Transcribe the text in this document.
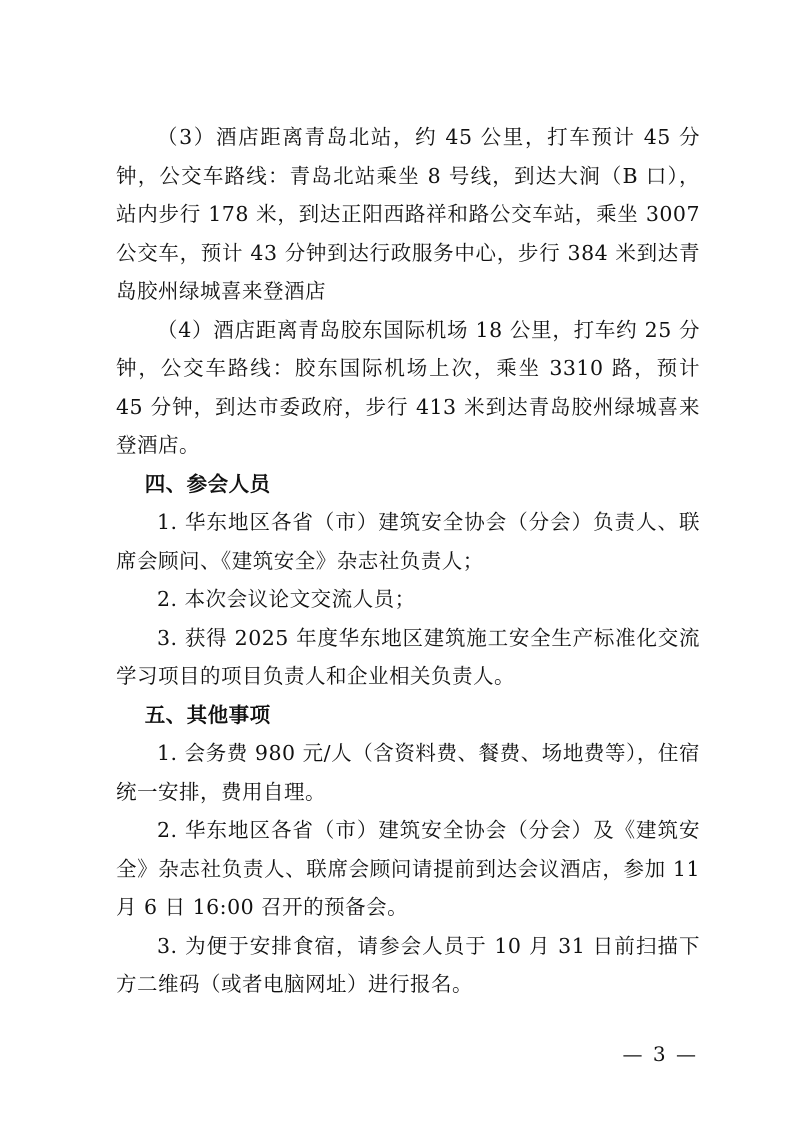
（3）酒店距离青岛北站，约 45 公里，打车预计 45 分钟，公交车路线：青岛北站乘坐 8 号线，到达大涧（B 口），站内步行 178 米，到达正阳西路祥和路公交车站，乘坐 3007 公交车，预计 43 分钟到达行政服务中心，步行 384 米到达青岛胶州绿城喜来登酒店

（4）酒店距离青岛胶东国际机场 18 公里，打车约 25 分钟，公交车路线：胶东国际机场上次，乘坐 3310 路，预计 45 分钟，到达市委政府，步行 413 米到达青岛胶州绿城喜来登酒店。

四、参会人员

1. 华东地区各省（市）建筑安全协会（分会）负责人、联席会顾问、《建筑安全》杂志社负责人；

2. 本次会议论文交流人员；

3. 获得 2025 年度华东地区建筑施工安全生产标准化交流学习项目的项目负责人和企业相关负责人。

五、其他事项

1. 会务费 980 元/人（含资料费、餐费、场地费等），住宿统一安排，费用自理。

2. 华东地区各省（市）建筑安全协会（分会）及《建筑安全》杂志社负责人、联席会顾问请提前到达会议酒店，参加 11 月 6 日 16:00 召开的预备会。

3. 为便于安排食宿，请参会人员于 10 月 31 日前扫描下方二维码（或者电脑网址）进行报名。

— 3 —
